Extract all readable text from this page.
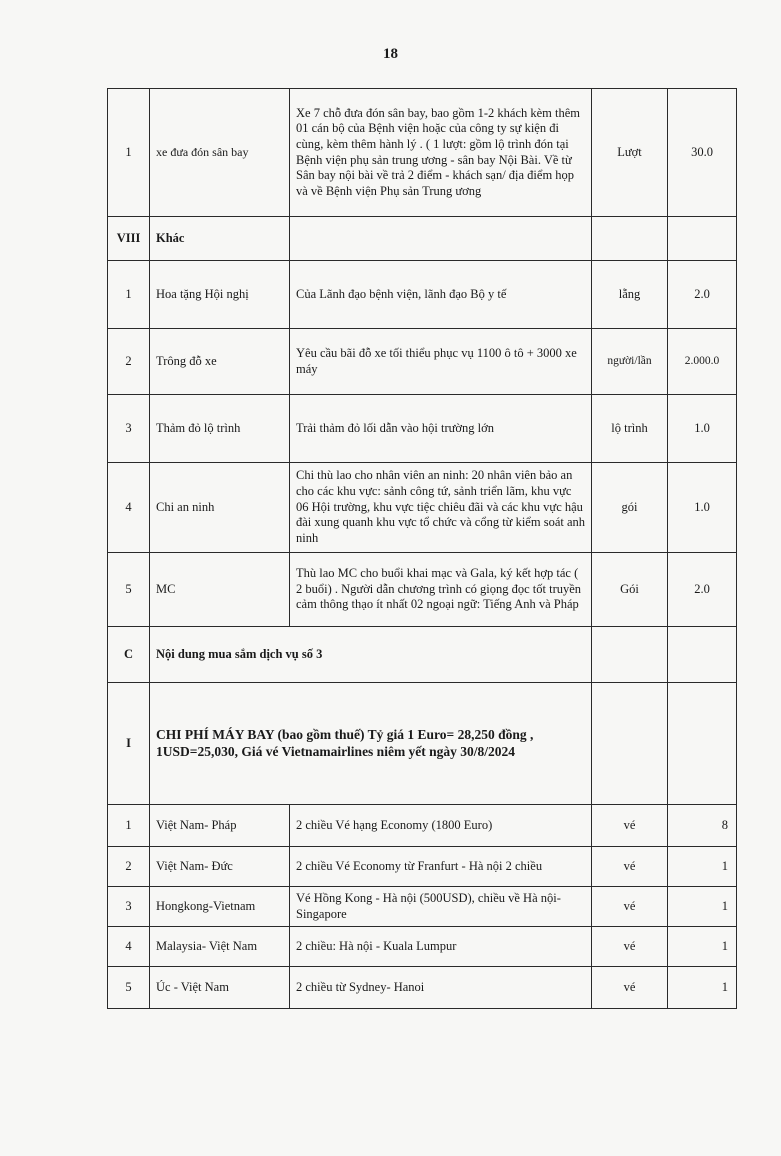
18
1	xe đưa đón sân bay	Xe 7 chỗ đưa đón sân bay, bao gồm 1-2 khách kèm thêm 01 cán bộ của Bệnh viện hoặc của công ty sự kiện đi cùng, kèm thêm hành lý . ( 1 lượt: gồm lộ trình đón tại Bệnh viện phụ sản trung ương - sân bay Nội Bài. Về từ Sân bay nội bài về trả 2 điểm - khách sạn/ địa điểm họp và về Bệnh viện Phụ sản Trung ương	Lượt	30.0
VIII	Khác			
1	Hoa tặng Hội nghị	Của Lãnh đạo bệnh viện, lãnh đạo Bộ y tế	lẵng	2.0
2	Trông đỗ xe	Yêu cầu bãi đỗ xe tối thiểu phục vụ 1100 ô tô + 3000 xe máy	người/lần	2.000.0
3	Thảm đỏ lộ trình	Trải thảm đỏ lối dẫn vào hội trường lớn	lộ trình	1.0
4	Chi an ninh	Chi thù lao cho nhân viên an ninh: 20 nhân viên bảo an cho các khu vực: sảnh công tứ, sảnh triển lãm, khu vực 06 Hội trường, khu vực tiệc chiêu đãi và các khu vực hậu đài xung quanh khu vực tổ chức và cổng từ kiểm soát anh ninh	gói	1.0
5	MC	Thù lao MC cho buổi khai mạc và Gala, ký kết hợp tác ( 2 buổi) . Người dẫn chương trình có giọng đọc tốt truyền cảm thông thạo ít nhất 02 ngoại ngữ: Tiếng Anh và Pháp	Gói	2.0
C	Nội dung mua sắm dịch vụ số 3			
I	CHI PHÍ MÁY BAY (bao gồm thuế) Tỷ giá 1 Euro= 28,250 đồng , 1USD=25,030, Giá vé Vietnamairlines niêm yết ngày 30/8/2024			
1	Việt Nam- Pháp	2 chiều Vé hạng Economy (1800 Euro)	vé	8
2	Việt Nam- Đức	2 chiều Vé Economy từ Franfurt - Hà nội 2 chiều	vé	1
3	Hongkong-Vietnam	Vé Hồng Kong - Hà nội (500USD), chiều về Hà nội- Singapore	vé	1
4	Malaysia- Việt Nam	2 chiều: Hà nội - Kuala Lumpur	vé	1
5	Úc - Việt Nam	2 chiều từ Sydney- Hanoi	vé	1
